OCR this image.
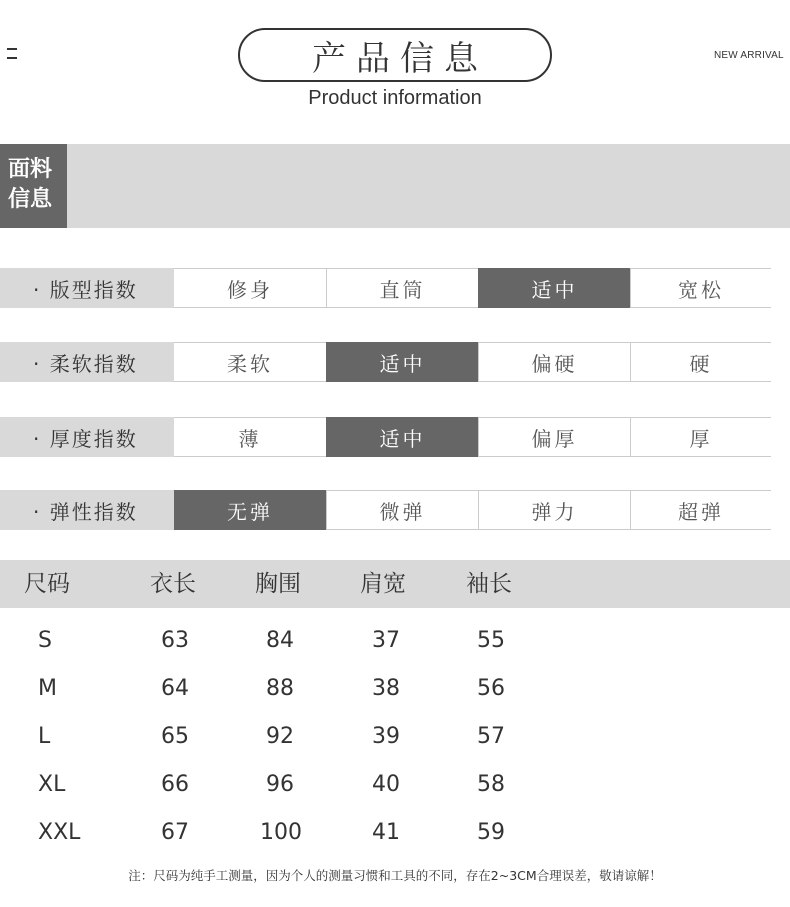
产品信息
Product information
NEW ARRIVAL
面料
信息
· 版型指数	修身	直筒	适中	宽松
· 柔软指数	柔软	适中	偏硬	硬
· 厚度指数	薄	适中	偏厚	厚
· 弹性指数	无弹	微弹	弹力	超弹
尺码	衣长	胸围	肩宽	袖长
S	63	84	37	55
M	64	88	38	56
L	65	92	39	57
XL	66	96	40	58
XXL	67	100	41	59
注：尺码为纯手工测量，因为个人的测量习惯和工具的不同，存在2~3CM合理误差，敬请谅解！
